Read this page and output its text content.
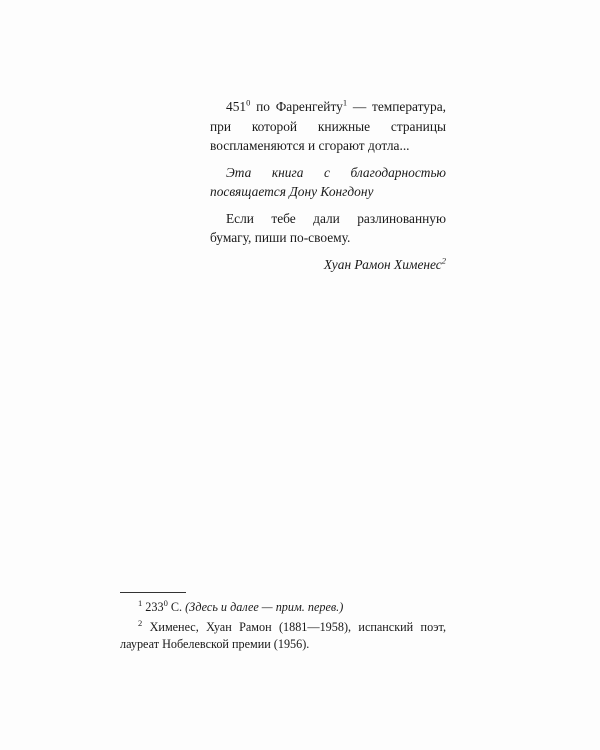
$451^0$ по Фаренгейту$^1$ — температура, при которой книжные страницы воспламеняются и сгорают дотла...

Эта книга с благодарностью посвящается Дону Конгдону

Если тебе дали разлинованную бумагу, пиши по-своему.

Хуан Рамон Хименес$^2$

$^1$ $233^0$ С. (Здесь и далее — прим. перев.)

$^2$ Хименес, Хуан Рамон (1881—1958), испанский поэт, лауреат Нобелевской премии (1956).
